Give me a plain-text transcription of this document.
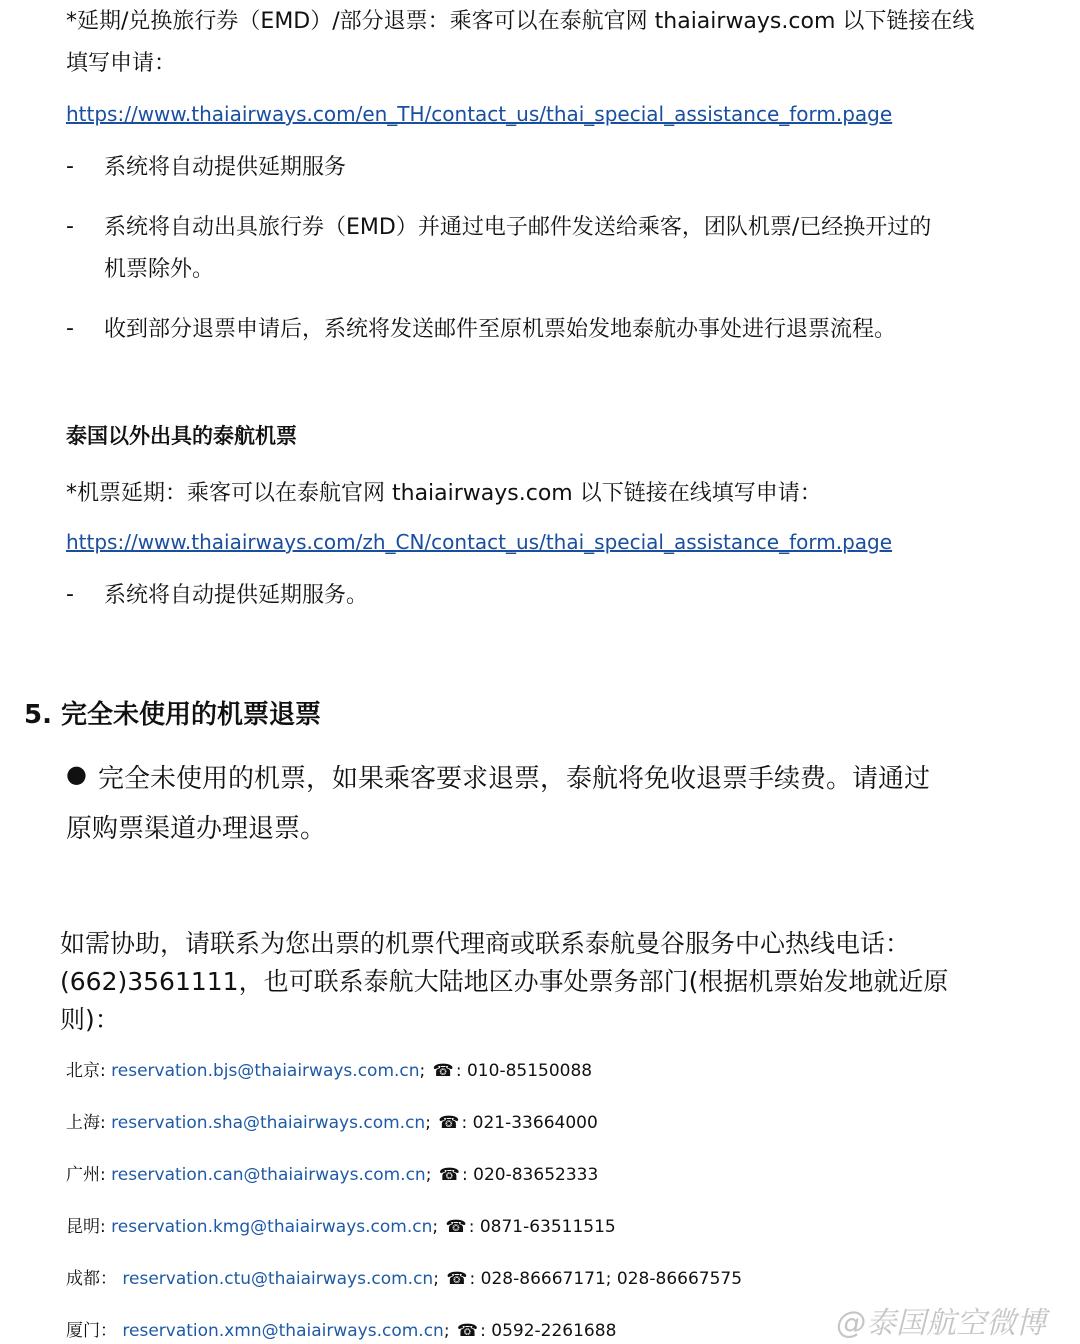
*延期/兑换旅行券（EMD）/部分退票：乘客可以在泰航官网 thaiairways.com 以下链接在线
填写申请：
https://www.thaiairways.com/en_TH/contact_us/thai_special_assistance_form.page
- 系统将自动提供延期服务
- 系统将自动出具旅行券（EMD）并通过电子邮件发送给乘客，团队机票/已经换开过的
机票除外。
- 收到部分退票申请后，系统将发送邮件至原机票始发地泰航办事处进行退票流程。
泰国以外出具的泰航机票
*机票延期：乘客可以在泰航官网 thaiairways.com 以下链接在线填写申请：
https://www.thaiairways.com/zh_CN/contact_us/thai_special_assistance_form.page
- 系统将自动提供延期服务。
5. 完全未使用的机票退票
● 完全未使用的机票，如果乘客要求退票，泰航将免收退票手续费。请通过
原购票渠道办理退票。
如需协助，请联系为您出票的机票代理商或联系泰航曼谷服务中心热线电话：
(662)3561111，也可联系泰航大陆地区办事处票务部门(根据机票始发地就近原
则)：
北京: reservation.bjs@thaiairways.com.cn; ☎ : 010-85150088
上海: reservation.sha@thaiairways.com.cn; ☎ : 021-33664000
广州: reservation.can@thaiairways.com.cn; ☎ : 020-83652333
昆明: reservation.kmg@thaiairways.com.cn; ☎ : 0871-63511515
成都： reservation.ctu@thaiairways.com.cn; ☎ : 028-86667171; 028-86667575
厦门： reservation.xmn@thaiairways.com.cn; ☎ : 0592-2261688	@泰国航空微博
